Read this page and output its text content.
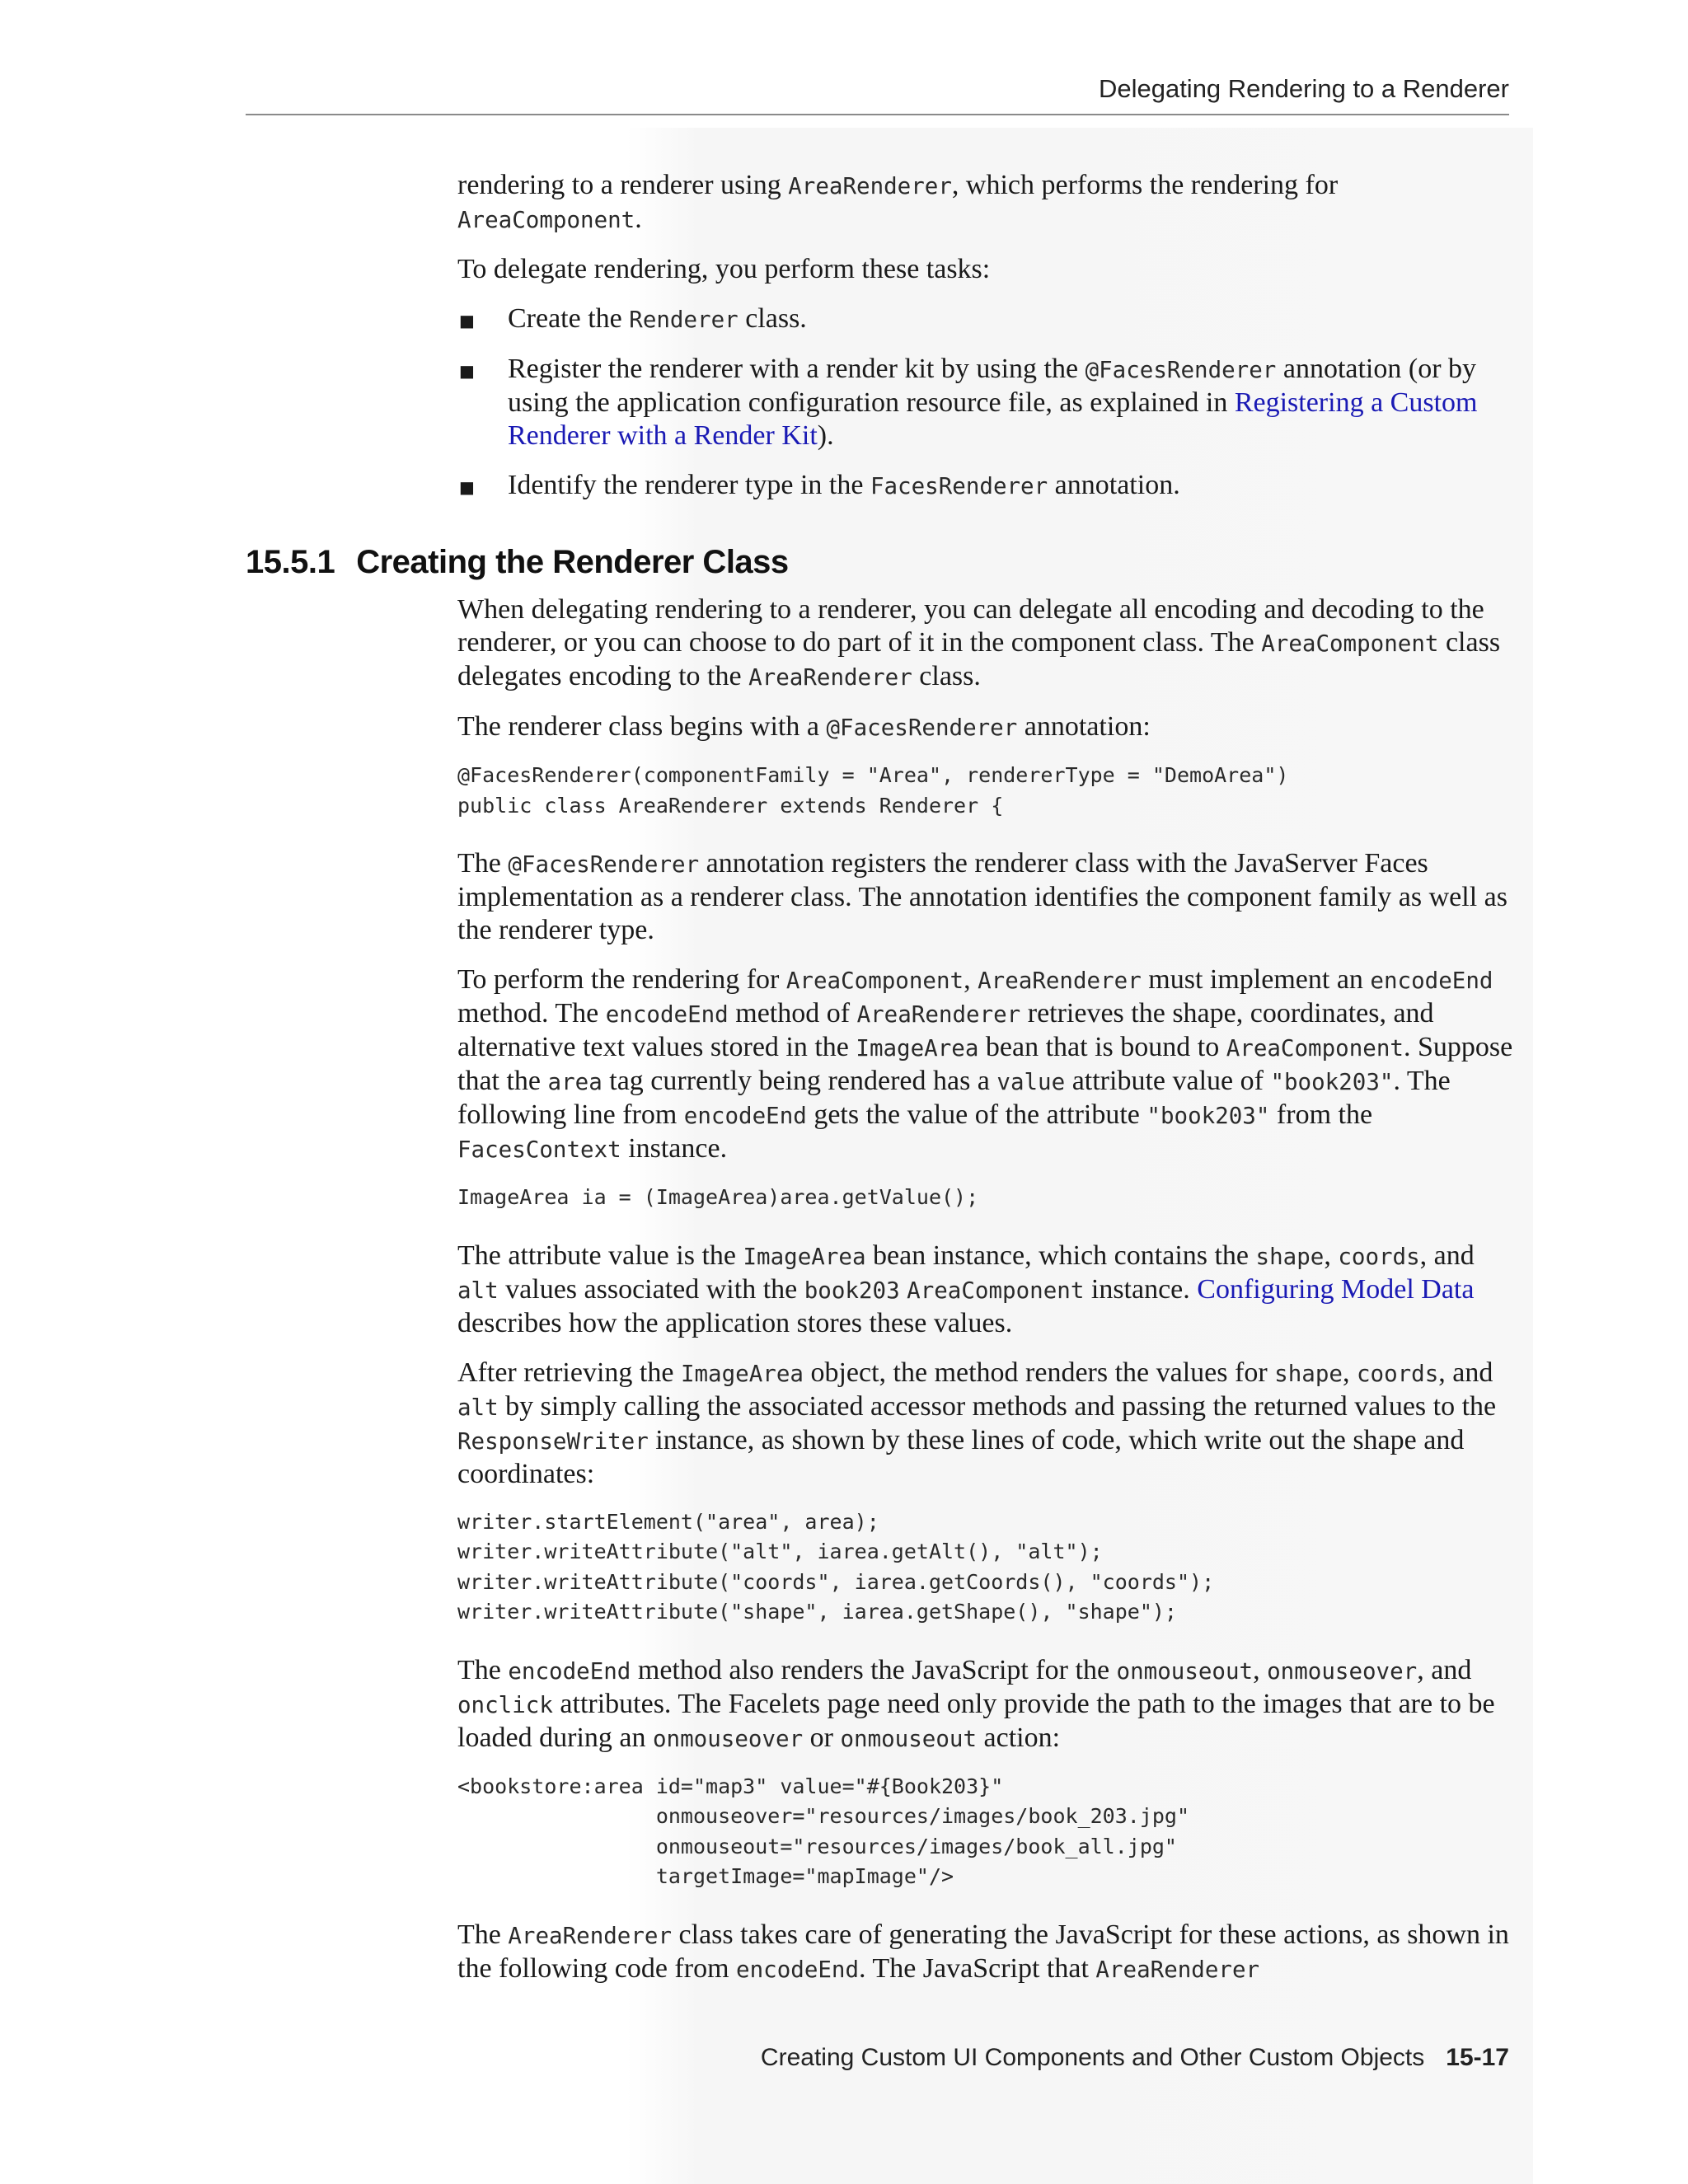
Delegating Rendering to a Renderer

rendering to a renderer using AreaRenderer, which performs the rendering for
AreaComponent.

To delegate rendering, you perform these tasks:

■ Create the Renderer class.
■ Register the renderer with a render kit by using the @FacesRenderer annotation (or by using the application configuration resource file, as explained in Registering a Custom Renderer with a Render Kit).
■ Identify the renderer type in the FacesRenderer annotation.
15.5.1 Creating the Renderer Class

When delegating rendering to a renderer, you can delegate all encoding and decoding to the renderer, or you can choose to do part of it in the component class. The AreaComponent class delegates encoding to the AreaRenderer class.

The renderer class begins with a @FacesRenderer annotation:

@FacesRenderer(componentFamily = "Area", rendererType = "DemoArea")
public class AreaRenderer extends Renderer {

The @FacesRenderer annotation registers the renderer class with the JavaServer Faces implementation as a renderer class. The annotation identifies the component family as well as the renderer type.

To perform the rendering for AreaComponent, AreaRenderer must implement an encodeEnd method. The encodeEnd method of AreaRenderer retrieves the shape, coordinates, and alternative text values stored in the ImageArea bean that is bound to AreaComponent. Suppose that the area tag currently being rendered has a value attribute value of "book203". The following line from encodeEnd gets the value of the attribute "book203" from the FacesContext instance.

ImageArea ia = (ImageArea)area.getValue();

The attribute value is the ImageArea bean instance, which contains the shape, coords, and alt values associated with the book203 AreaComponent instance. Configuring Model Data describes how the application stores these values.

After retrieving the ImageArea object, the method renders the values for shape, coords, and alt by simply calling the associated accessor methods and passing the returned values to the ResponseWriter instance, as shown by these lines of code, which write out the shape and coordinates:

writer.startElement("area", area);
writer.writeAttribute("alt", iarea.getAlt(), "alt");
writer.writeAttribute("coords", iarea.getCoords(), "coords");
writer.writeAttribute("shape", iarea.getShape(), "shape");

The encodeEnd method also renders the JavaScript for the onmouseout, onmouseover, and onclick attributes. The Facelets page need only provide the path to the images that are to be loaded during an onmouseover or onmouseout action:

<bookstore:area id="map3" value="#{Book203}"
onmouseover="resources/images/book_203.jpg"
onmouseout="resources/images/book_all.jpg"
targetImage="mapImage"/>

The AreaRenderer class takes care of generating the JavaScript for these actions, as shown in the following code from encodeEnd. The JavaScript that AreaRenderer

Creating Custom UI Components and Other Custom Objects 15-17
